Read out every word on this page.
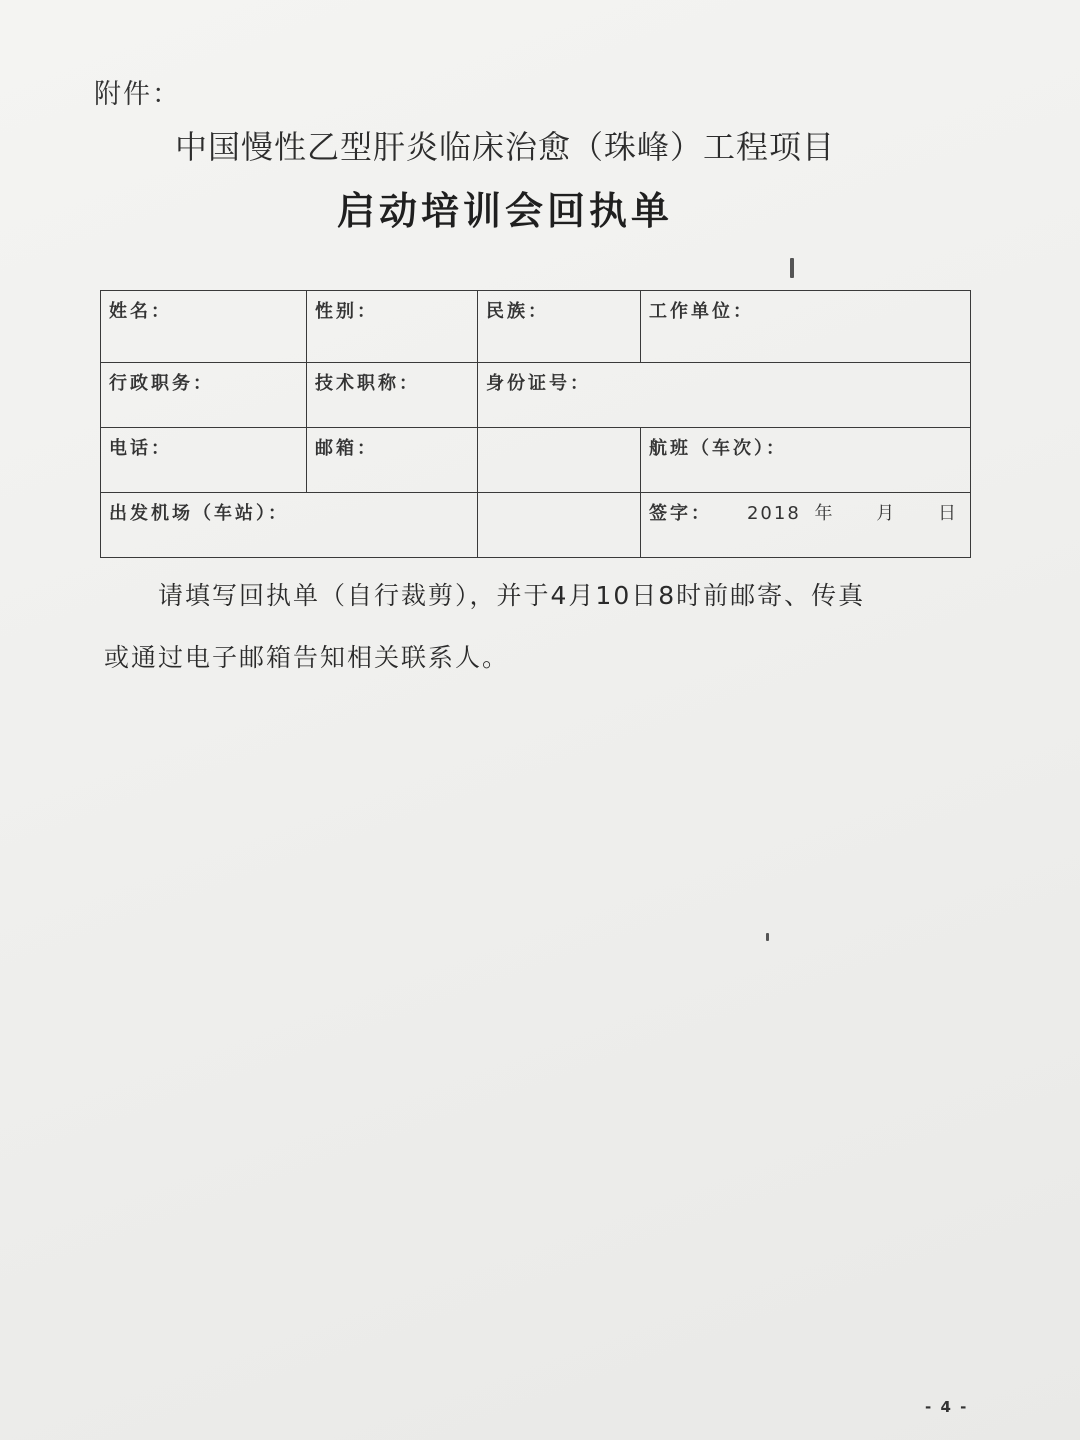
附件：
中国慢性乙型肝炎临床治愈（珠峰）工程项目
启动培训会回执单
姓名：	性别：	民族：	工作单位：
行政职务：	技术职称：	身份证号：	
电话：	邮箱：		航班（车次）：
出发机场（车站）：			签字： 2018 年 月 日
请填写回执单（自行裁剪），并于4月10日8时前邮寄、传真
或通过电子邮箱告知相关联系人。
- 4 -
